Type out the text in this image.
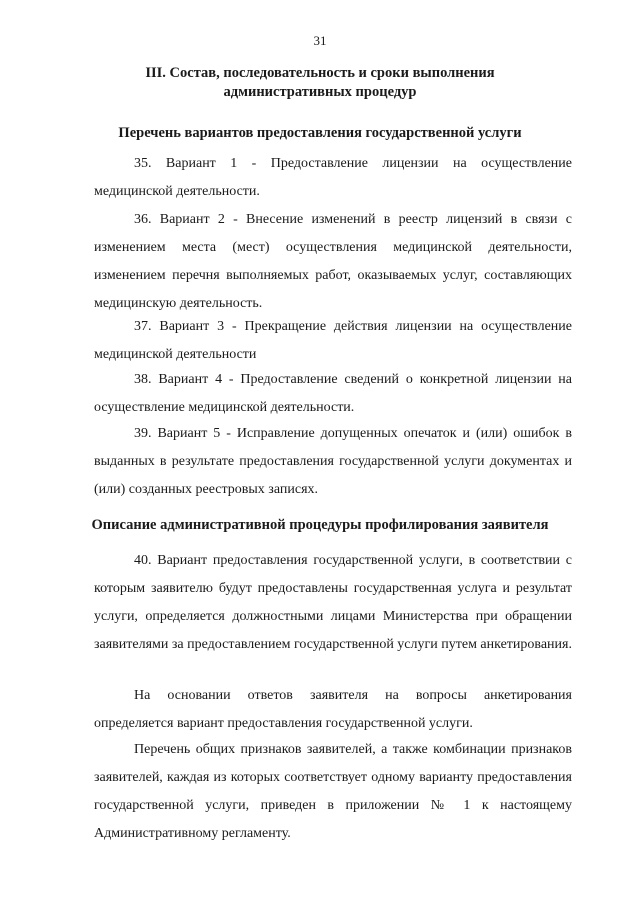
31
III. Состав, последовательность и сроки выполнения
административных процедур
Перечень вариантов предоставления государственной услуги
35. Вариант 1 - Предоставление лицензии на осуществление медицинской деятельности.
36. Вариант 2 - Внесение изменений в реестр лицензий в связи с изменением места (мест) осуществления медицинской деятельности, изменением перечня выполняемых работ, оказываемых услуг, составляющих медицинскую деятельность.
37. Вариант 3 - Прекращение действия лицензии на осуществление медицинской деятельности
38. Вариант 4 - Предоставление сведений о конкретной лицензии на осуществление медицинской деятельности.
39. Вариант 5 - Исправление допущенных опечаток и (или) ошибок в выданных в результате предоставления государственной услуги документах и (или) созданных реестровых записях.
Описание административной процедуры профилирования заявителя
40. Вариант предоставления государственной услуги, в соответствии с которым заявителю будут предоставлены государственная услуга и результат услуги, определяется должностными лицами Министерства при обращении заявителями за предоставлением государственной услуги путем анкетирования.
На основании ответов заявителя на вопросы анкетирования определяется вариант предоставления государственной услуги.
Перечень общих признаков заявителей, а также комбинации признаков заявителей, каждая из которых соответствует одному варианту предоставления государственной услуги, приведен в приложении № 1 к настоящему Административному регламенту.
